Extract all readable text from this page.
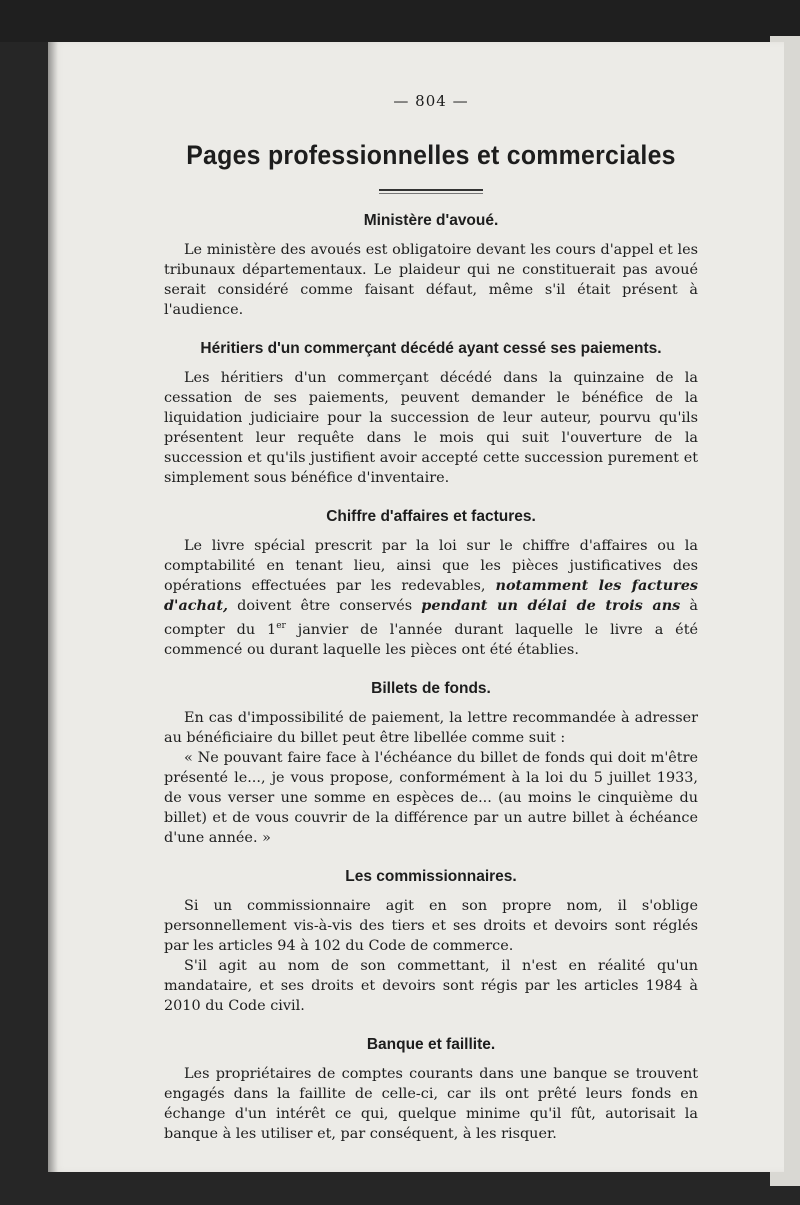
— 804 —
Pages professionnelles et commerciales
Ministère d'avoué.

Le ministère des avoués est obligatoire devant les cours d'appel et les tribunaux départementaux. Le plaideur qui ne constituerait pas avoué serait considéré comme faisant défaut, même s'il était présent à l'audience.

Héritiers d'un commerçant décédé ayant cessé ses paiements.

Les héritiers d'un commerçant décédé dans la quinzaine de la cessation de ses paiements, peuvent demander le bénéfice de la liquidation judiciaire pour la succession de leur auteur, pourvu qu'ils présentent leur requête dans le mois qui suit l'ouverture de la succession et qu'ils justifient avoir accepté cette succession purement et simplement sous bénéfice d'inventaire.

Chiffre d'affaires et factures.

Le livre spécial prescrit par la loi sur le chiffre d'affaires ou la comptabilité en tenant lieu, ainsi que les pièces justificatives des opérations effectuées par les redevables, notamment les factures d'achat, doivent être conservés pendant un délai de trois ans à compter du 1er janvier de l'année durant laquelle le livre a été commencé ou durant laquelle les pièces ont été établies.

Billets de fonds.

En cas d'impossibilité de paiement, la lettre recommandée à adresser au bénéficiaire du billet peut être libellée comme suit :

« Ne pouvant faire face à l'échéance du billet de fonds qui doit m'être présenté le..., je vous propose, conformément à la loi du 5 juillet 1933, de vous verser une somme en espèces de... (au moins le cinquième du billet) et de vous couvrir de la différence par un autre billet à échéance d'une année. »

Les commissionnaires.

Si un commissionnaire agit en son propre nom, il s'oblige personnellement vis-à-vis des tiers et ses droits et devoirs sont réglés par les articles 94 à 102 du Code de commerce.

S'il agit au nom de son commettant, il n'est en réalité qu'un mandataire, et ses droits et devoirs sont régis par les articles 1984 à 2010 du Code civil.

Banque et faillite.

Les propriétaires de comptes courants dans une banque se trouvent engagés dans la faillite de celle-ci, car ils ont prêté leurs fonds en échange d'un intérêt ce qui, quelque minime qu'il fût, autorisait la banque à les utiliser et, par conséquent, à les risquer.
